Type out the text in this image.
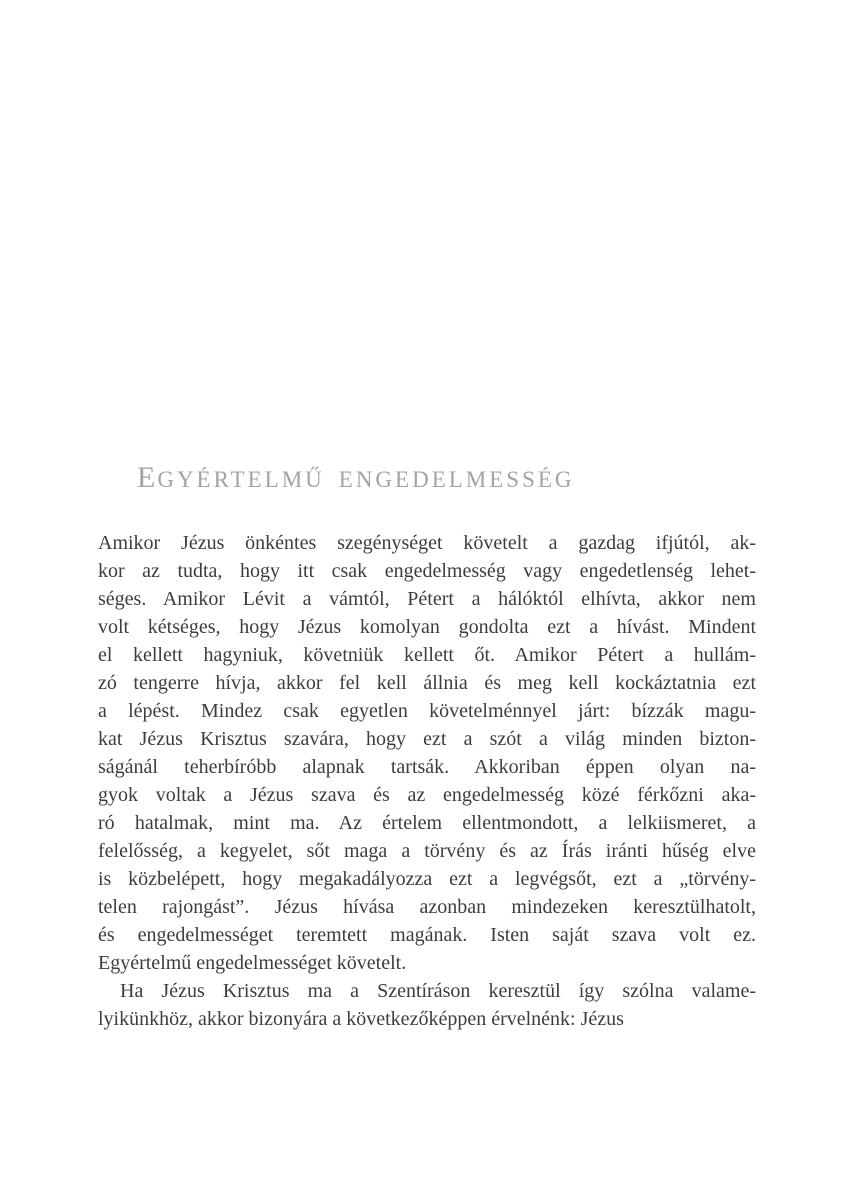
EGYÉRTELMŰ ENGEDELMESSÉG
Amikor Jézus önkéntes szegénységet követelt a gazdag ifjútól, ak-
kor az tudta, hogy itt csak engedelmesség vagy engedetlenség lehet-
séges. Amikor Lévit a vámtól, Pétert a hálóktól elhívta, akkor nem
volt kétséges, hogy Jézus komolyan gondolta ezt a hívást. Mindent
el kellett hagyniuk, követniük kellett őt. Amikor Pétert a hullám-
zó tengerre hívja, akkor fel kell állnia és meg kell kockáztatnia ezt
a lépést. Mindez csak egyetlen követelménnyel járt: bízzák magu-
kat Jézus Krisztus szavára, hogy ezt a szót a világ minden bizton-
ságánál teherbíróbb alapnak tartsák. Akkoriban éppen olyan na-
gyok voltak a Jézus szava és az engedelmesség közé férkőzni aka-
ró hatalmak, mint ma. Az értelem ellentmondott, a lelkiismeret, a
felelősség, a kegyelet, sőt maga a törvény és az Írás iránti hűség elve
is közbelépett, hogy megakadályozza ezt a legvégsőt, ezt a „törvény-
telen rajongást”. Jézus hívása azonban mindezeken keresztülhatolt,
és engedelmességet teremtett magának. Isten saját szava volt ez.
Egyértelmű engedelmességet követelt.
Ha Jézus Krisztus ma a Szentíráson keresztül így szólna valame-
lyikünkhöz, akkor bizonyára a következőképpen érvelnénk: Jézus
